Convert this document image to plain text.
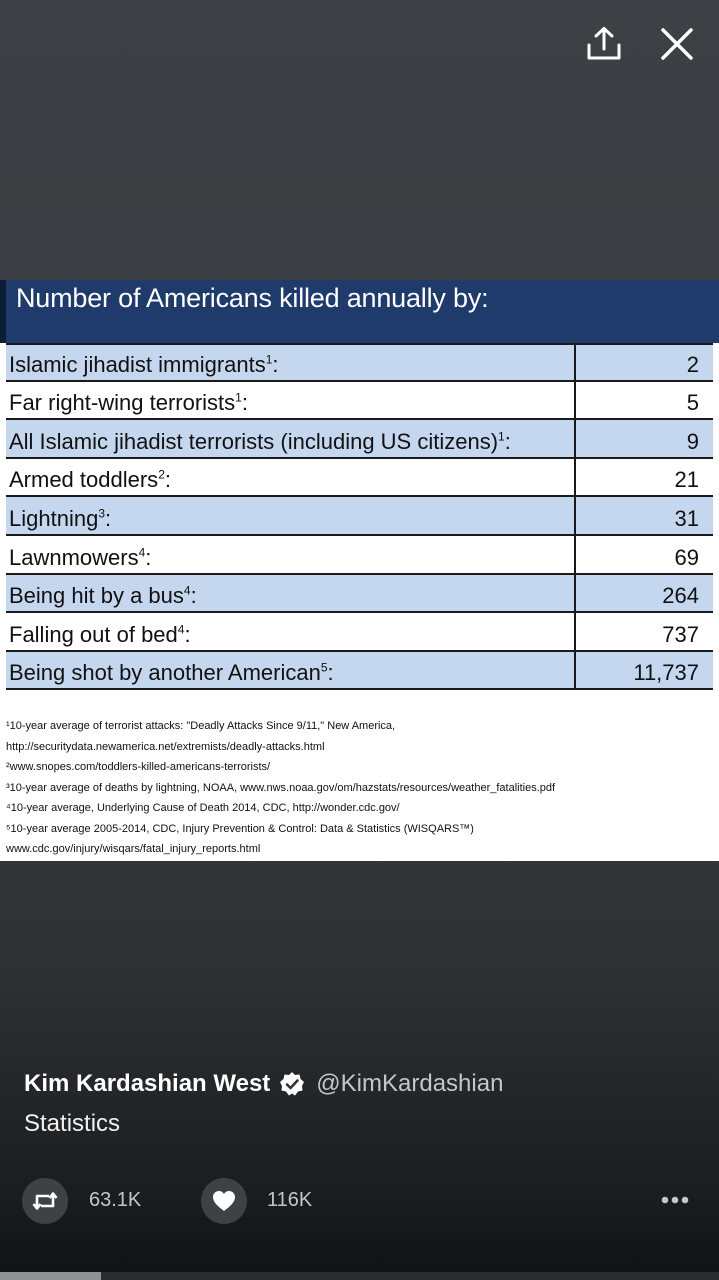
Number of Americans killed annually by:
Islamic jihadist immigrants$^1$:	2
Far right-wing terrorists$^1$:	5
All Islamic jihadist terrorists (including US citizens)$^1$:	9
Armed toddlers$^2$:	21
Lightning$^3$:	31
Lawnmowers$^4$:	69
Being hit by a bus$^4$:	264
Falling out of bed$^4$:	737
Being shot by another American$^5$:	11,737
¹10-year average of terrorist attacks: "Deadly Attacks Since 9/11," New America,
http://securitydata.newamerica.net/extremists/deadly-attacks.html
²www.snopes.com/toddlers-killed-americans-terrorists/
³10-year average of deaths by lightning, NOAA, www.nws.noaa.gov/om/hazstats/resources/weather_fatalities.pdf
⁴10-year average, Underlying Cause of Death 2014, CDC, http://wonder.cdc.gov/
⁵10-year average 2005-2014, CDC, Injury Prevention & Control: Data & Statistics (WISQARS™)
www.cdc.gov/injury/wisqars/fatal_injury_reports.html
Kim Kardashian West @KimKardashian
Statistics
63.1K	116K
